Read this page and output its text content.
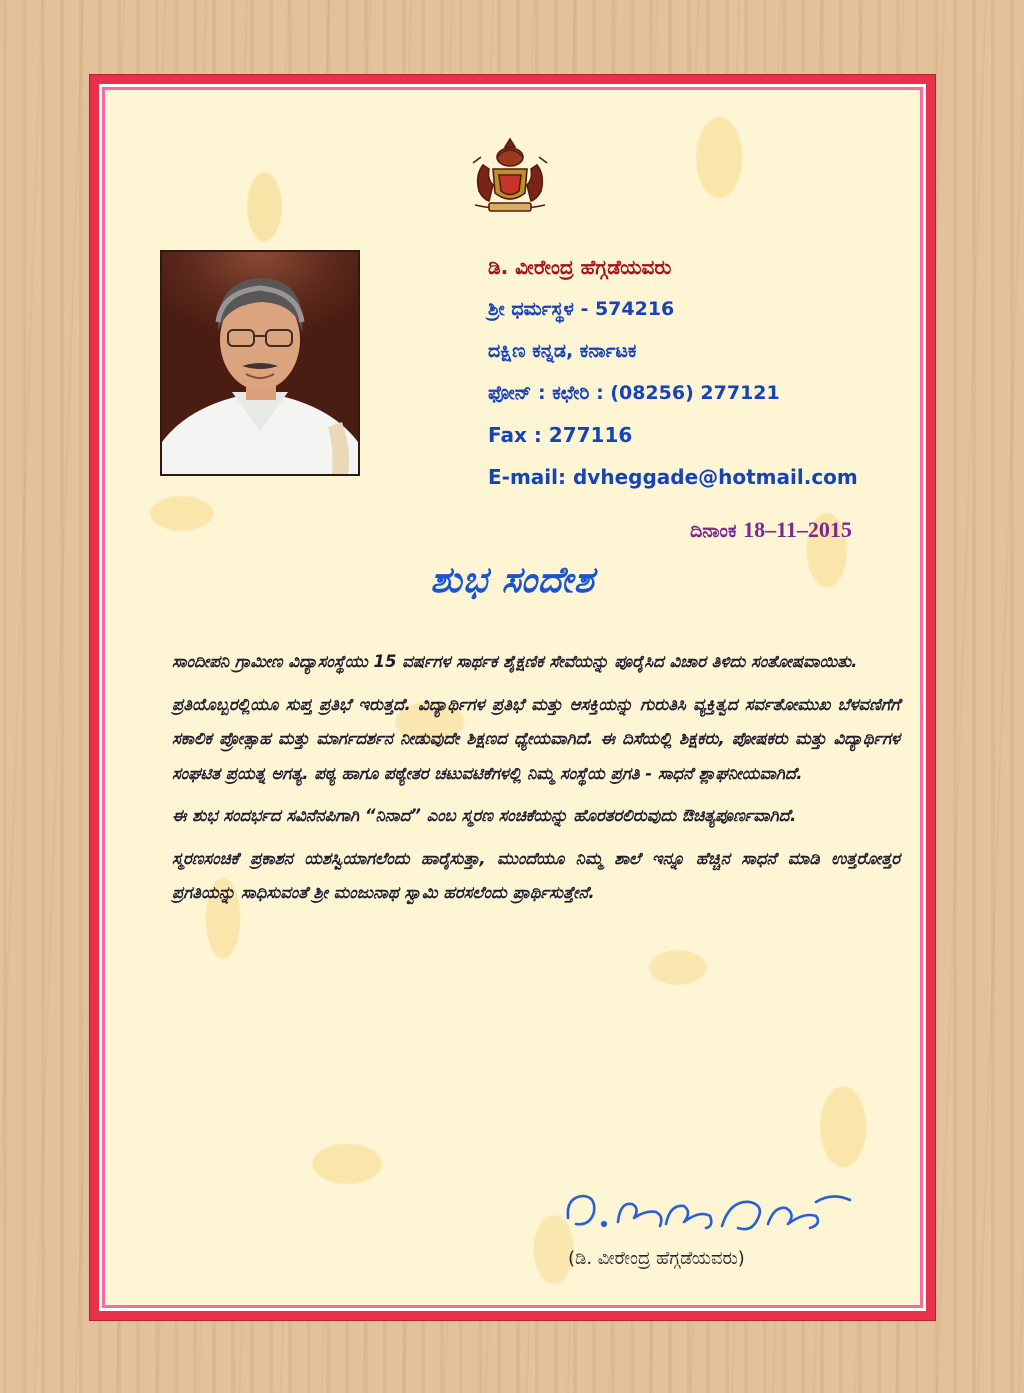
ಡಿ. ವೀರೇಂದ್ರ ಹೆಗ್ಗಡೆಯವರು
ಶ್ರೀ ಧರ್ಮಸ್ಥಳ - 574216
ದಕ್ಷಿಣ ಕನ್ನಡ, ಕರ್ನಾಟಕ
ಫೋನ್ : ಕಛೇರಿ : (08256) 277121
Fax : 277116
E-mail: dvheggade@hotmail.com
ದಿನಾಂಕ 18–11–2015
ಶುಭ ಸಂದೇಶ

ಸಾಂದೀಪನಿ ಗ್ರಾಮೀಣ ವಿದ್ಯಾಸಂಸ್ಥೆಯು 15 ವರ್ಷಗಳ ಸಾರ್ಥಕ ಶೈಕ್ಷಣಿಕ ಸೇವೆಯನ್ನು ಪೂರೈಸಿದ ವಿಚಾರ ತಿಳಿದು ಸಂತೋಷವಾಯಿತು.

ಪ್ರತಿಯೊಬ್ಬರಲ್ಲಿಯೂ ಸುಪ್ತ ಪ್ರತಿಭೆ ಇರುತ್ತದೆ. ವಿದ್ಯಾರ್ಥಿಗಳ ಪ್ರತಿಭೆ ಮತ್ತು ಆಸಕ್ತಿಯನ್ನು ಗುರುತಿಸಿ ವ್ಯಕ್ತಿತ್ವದ ಸರ್ವತೋಮುಖ ಬೆಳವಣಿಗೆಗೆ ಸಕಾಲಿಕ ಪ್ರೋತ್ಸಾಹ ಮತ್ತು ಮಾರ್ಗದರ್ಶನ ನೀಡುವುದೇ ಶಿಕ್ಷಣದ ಧ್ಯೇಯವಾಗಿದೆ. ಈ ದಿಸೆಯಲ್ಲಿ ಶಿಕ್ಷಕರು, ಪೋಷಕರು ಮತ್ತು ವಿದ್ಯಾರ್ಥಿಗಳ ಸಂಘಟಿತ ಪ್ರಯತ್ನ ಅಗತ್ಯ. ಪಠ್ಯ ಹಾಗೂ ಪಠ್ಯೇತರ ಚಟುವಟಿಕೆಗಳಲ್ಲಿ ನಿಮ್ಮ ಸಂಸ್ಥೆಯ ಪ್ರಗತಿ - ಸಾಧನೆ ಶ್ಲಾಘನೀಯವಾಗಿದೆ.

ಈ ಶುಭ ಸಂದರ್ಭದ ಸವಿನೆನಪಿಗಾಗಿ “ನಿನಾದ” ಎಂಬ ಸ್ಮರಣ ಸಂಚಿಕೆಯನ್ನು ಹೊರತರಲಿರುವುದು ಔಚಿತ್ಯಪೂರ್ಣವಾಗಿದೆ.

ಸ್ಮರಣಸಂಚಿಕೆ ಪ್ರಕಾಶನ ಯಶಸ್ವಿಯಾಗಲೆಂದು ಹಾರೈಸುತ್ತಾ, ಮುಂದೆಯೂ ನಿಮ್ಮ ಶಾಲೆ ಇನ್ನೂ ಹೆಚ್ಚಿನ ಸಾಧನೆ ಮಾಡಿ ಉತ್ತರೋತ್ತರ ಪ್ರಗತಿಯನ್ನು ಸಾಧಿಸುವಂತೆ ಶ್ರೀ ಮಂಜುನಾಥ ಸ್ವಾಮಿ ಹರಸಲೆಂದು ಪ್ರಾರ್ಥಿಸುತ್ತೇನೆ.

(ಡಿ. ವೀರೇಂದ್ರ ಹೆಗ್ಗಡೆಯವರು)
